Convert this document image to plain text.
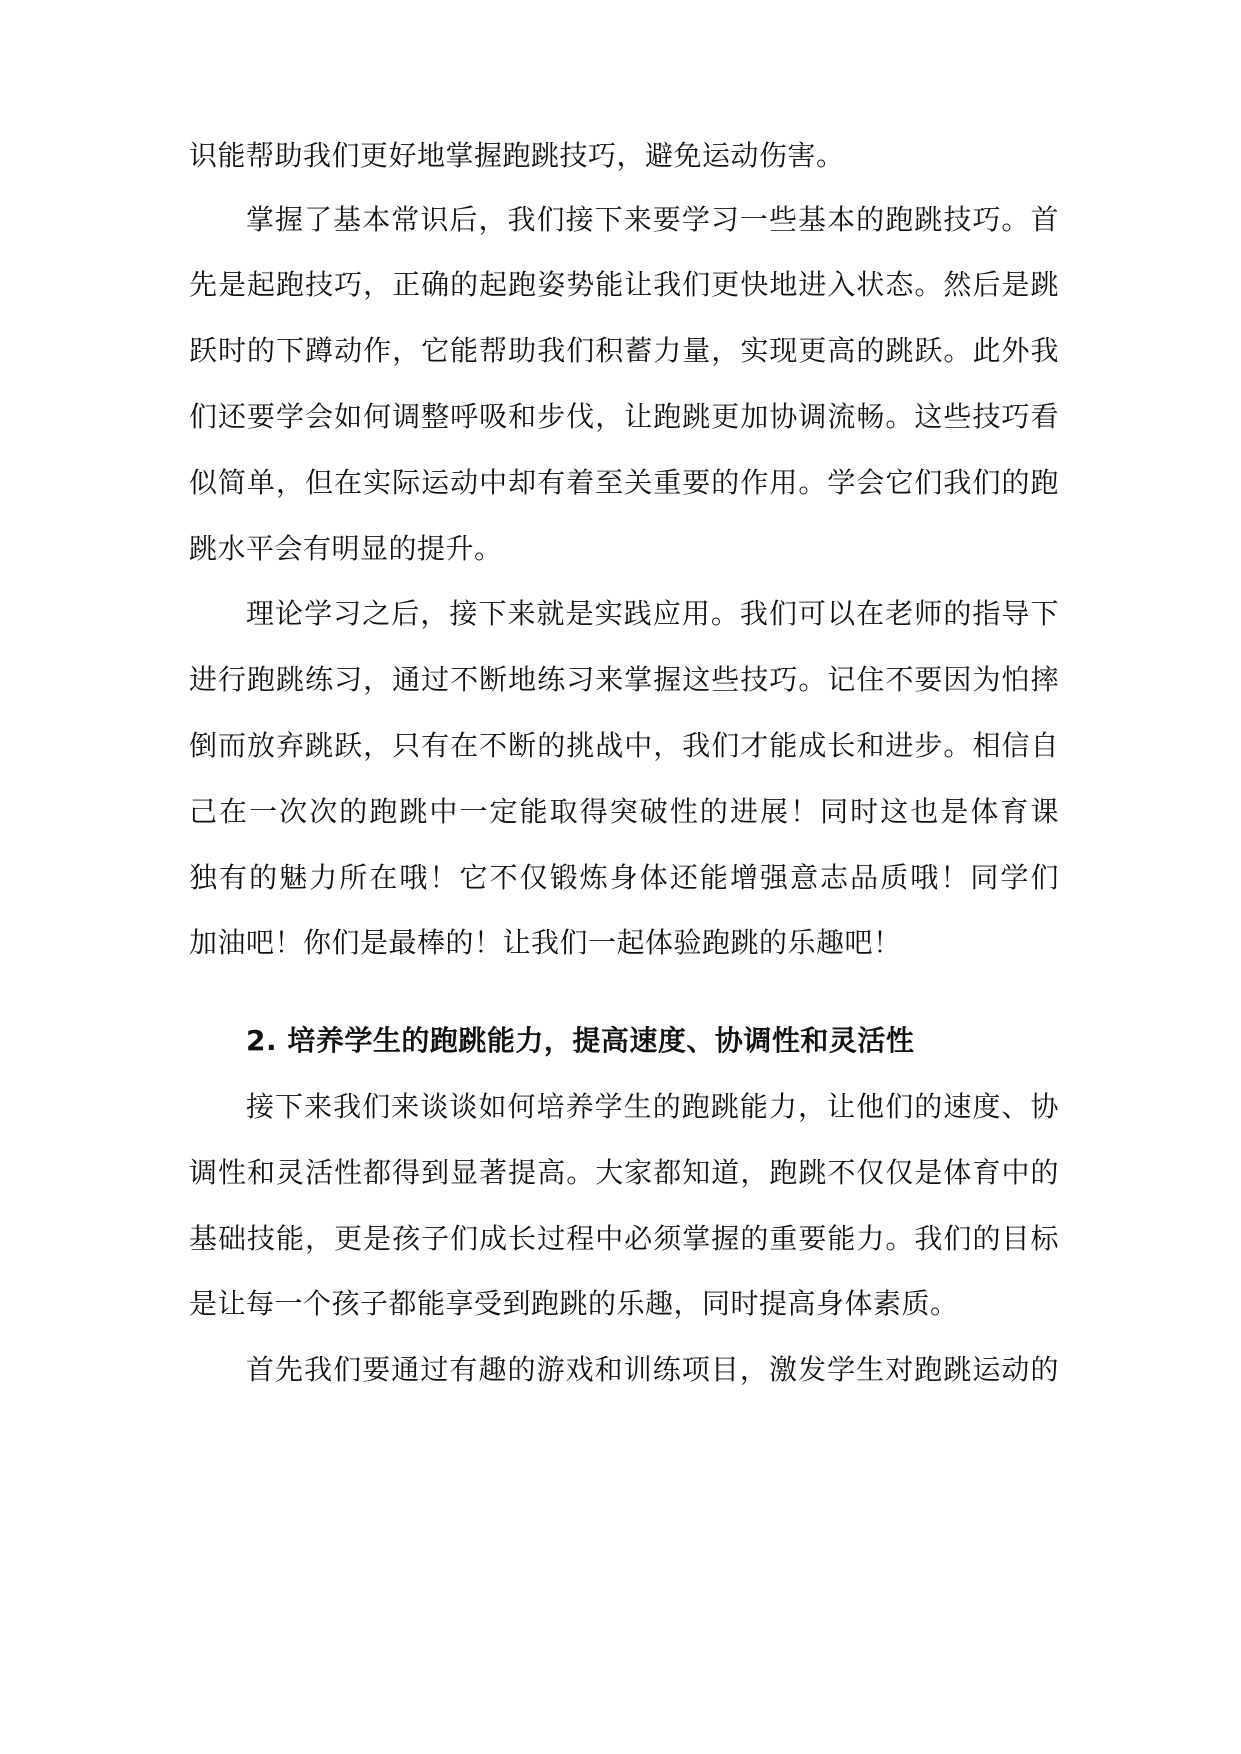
识能帮助我们更好地掌握跑跳技巧，避免运动伤害。
掌握了基本常识后，我们接下来要学习一些基本的跑跳技巧。首
先是起跑技巧，正确的起跑姿势能让我们更快地进入状态。然后是跳
跃时的下蹲动作，它能帮助我们积蓄力量，实现更高的跳跃。此外我
们还要学会如何调整呼吸和步伐，让跑跳更加协调流畅。这些技巧看
似简单，但在实际运动中却有着至关重要的作用。学会它们我们的跑
跳水平会有明显的提升。
理论学习之后，接下来就是实践应用。我们可以在老师的指导下
进行跑跳练习，通过不断地练习来掌握这些技巧。记住不要因为怕摔
倒而放弃跳跃，只有在不断的挑战中，我们才能成长和进步。相信自
己在一次次的跑跳中一定能取得突破性的进展！同时这也是体育课
独有的魅力所在哦！它不仅锻炼身体还能增强意志品质哦！同学们
加油吧！你们是最棒的！让我们一起体验跑跳的乐趣吧！
2. 培养学生的跑跳能力，提高速度、协调性和灵活性
接下来我们来谈谈如何培养学生的跑跳能力，让他们的速度、协
调性和灵活性都得到显著提高。大家都知道，跑跳不仅仅是体育中的
基础技能，更是孩子们成长过程中必须掌握的重要能力。我们的目标
是让每一个孩子都能享受到跑跳的乐趣，同时提高身体素质。
首先我们要通过有趣的游戏和训练项目，激发学生对跑跳运动的
